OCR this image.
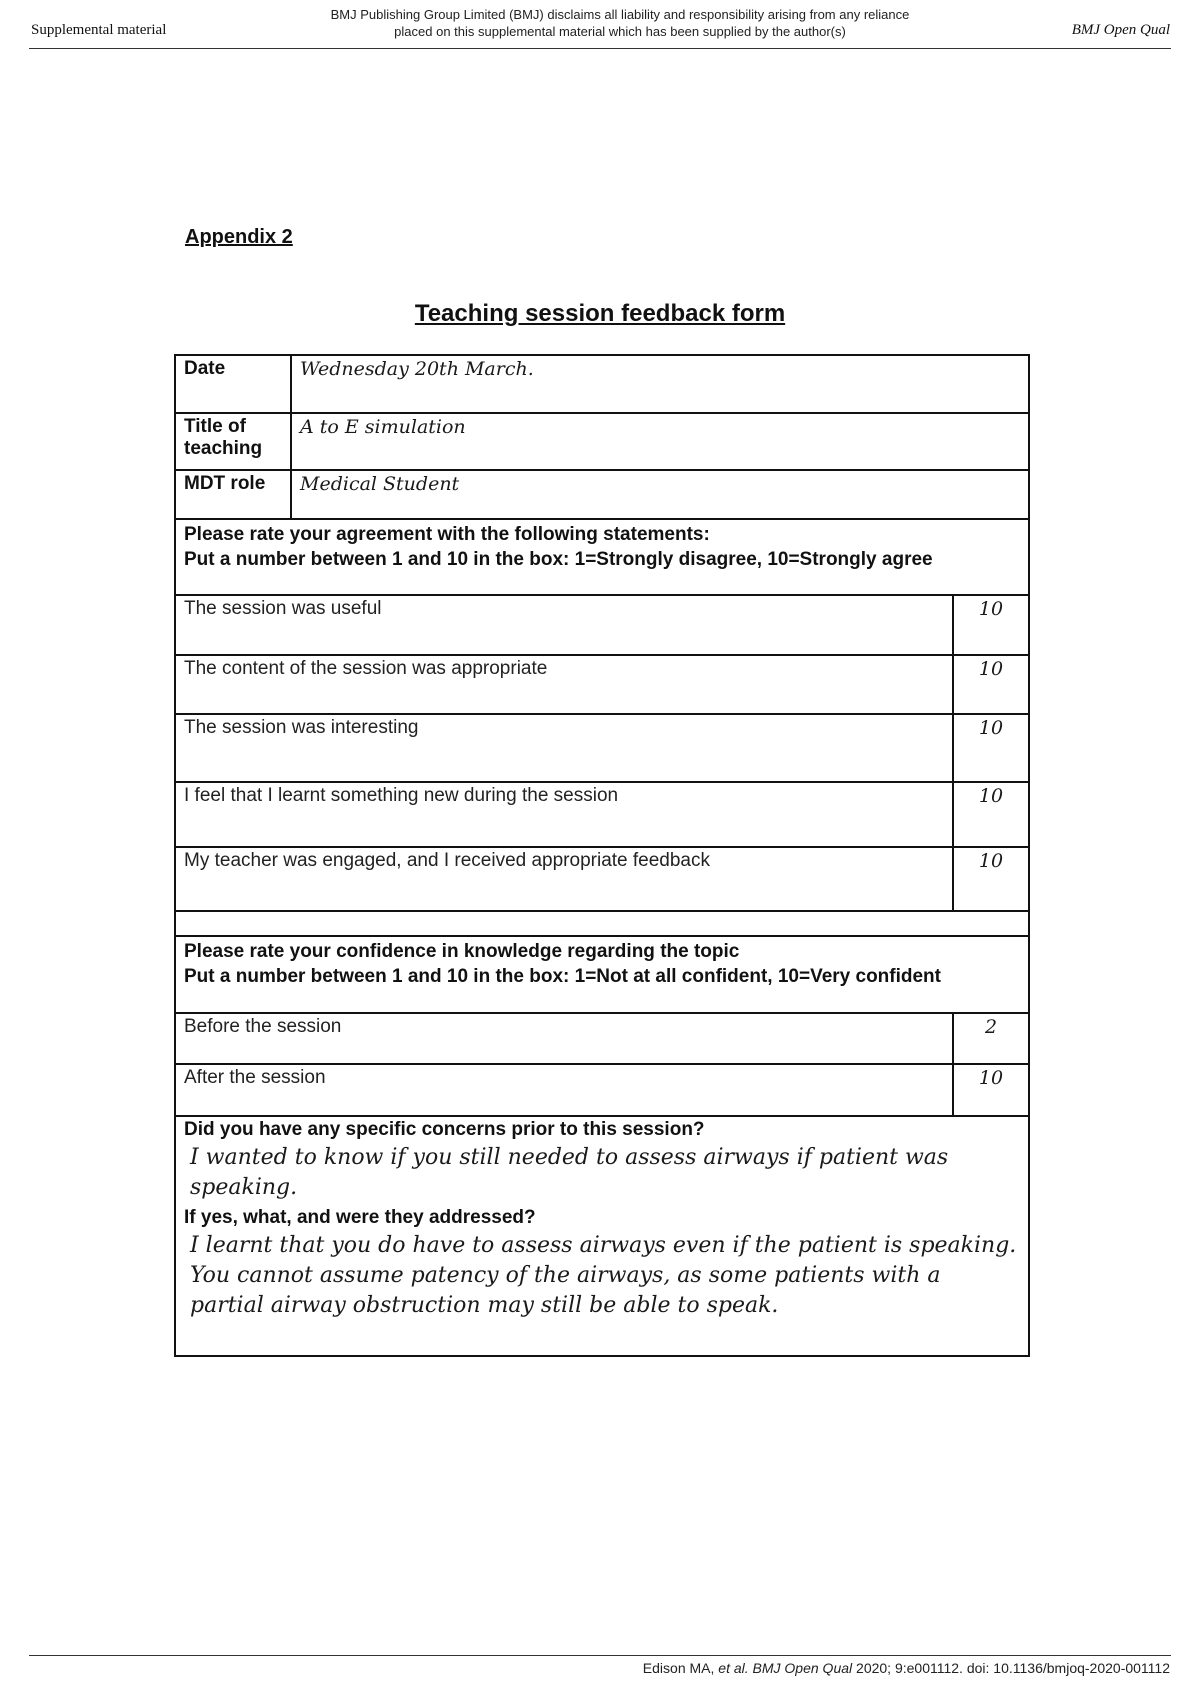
Supplemental material
BMJ Publishing Group Limited (BMJ) disclaims all liability and responsibility arising from any reliance
placed on this supplemental material which has been supplied by the author(s)	BMJ Open Qual
Appendix 2
Teaching session feedback form
Date	Wednesday 20th March.	
Title of teaching	A to E simulation	
MDT role	Medical Student	

Please rate your agreement with the following statements:
Put a number between 1 and 10 in the box: 1=Strongly disagree, 10=Strongly agree		

The session was useful		10
The content of the session was appropriate		10
The session was interesting		10
I feel that I learnt something new during the session		10
My teacher was engaged, and I received appropriate feedback		10

Please rate your confidence in knowledge regarding the topic
Put a number between 1 and 10 in the box: 1=Not at all confident, 10=Very confident		

Before the session		2
After the session		10

Did you have any specific concerns prior to this session?
I wanted to know if you still needed to assess airways if patient was speaking.
If yes, what, and were they addressed?
I learnt that you do have to assess airways even if the patient is speaking. You cannot assume patency of the airways, as some patients with a partial airway obstruction may still be able to speak.		
Edison MA, et al. BMJ Open Qual 2020; 9:e001112. doi: 10.1136/bmjoq-2020-001112
